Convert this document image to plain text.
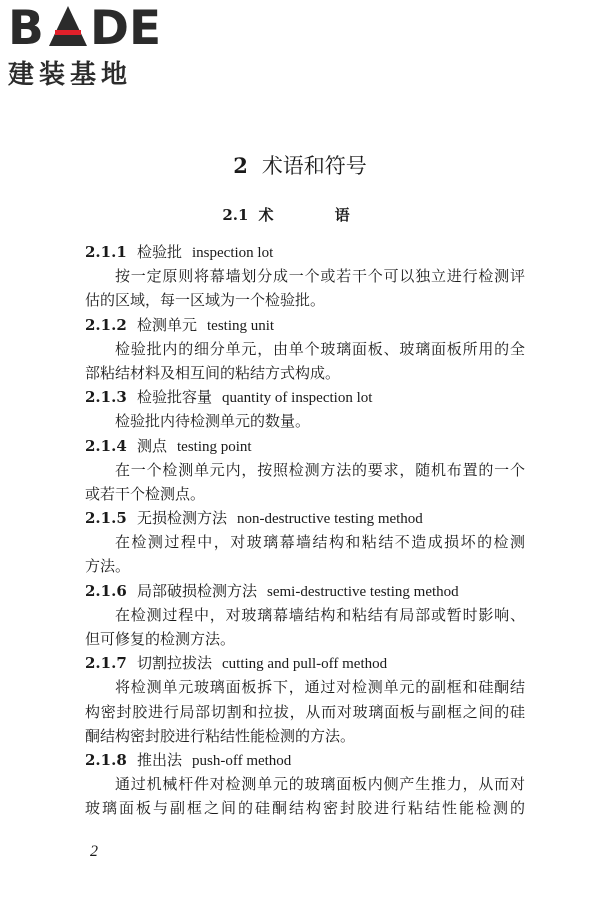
B DE
建装基地
2 术语和符号
2.1 术 语
2.1.1 检验批 inspection lot
按一定原则将幕墙划分成一个或若干个可以独立进行检测评
估的区域，每一区域为一个检验批。
2.1.2 检测单元 testing unit
检验批内的细分单元，由单个玻璃面板、玻璃面板所用的全
部粘结材料及相互间的粘结方式构成。
2.1.3 检验批容量 quantity of inspection lot
检验批内待检测单元的数量。
2.1.4 测点 testing point
在一个检测单元内，按照检测方法的要求，随机布置的一个
或若干个检测点。
2.1.5 无损检测方法 non-destructive testing method
在检测过程中，对玻璃幕墙结构和粘结不造成损坏的检测
方法。
2.1.6 局部破损检测方法 semi-destructive testing method
在检测过程中，对玻璃幕墙结构和粘结有局部或暂时影响、
但可修复的检测方法。
2.1.7 切割拉拔法 cutting and pull-off method
将检测单元玻璃面板拆下，通过对检测单元的副框和硅酮结
构密封胶进行局部切割和拉拔，从而对玻璃面板与副框之间的硅
酮结构密封胶进行粘结性能检测的方法。
2.1.8 推出法 push-off method
通过机械杆件对检测单元的玻璃面板内侧产生推力，从而对
玻璃面板与副框之间的硅酮结构密封胶进行粘结性能检测的
2
